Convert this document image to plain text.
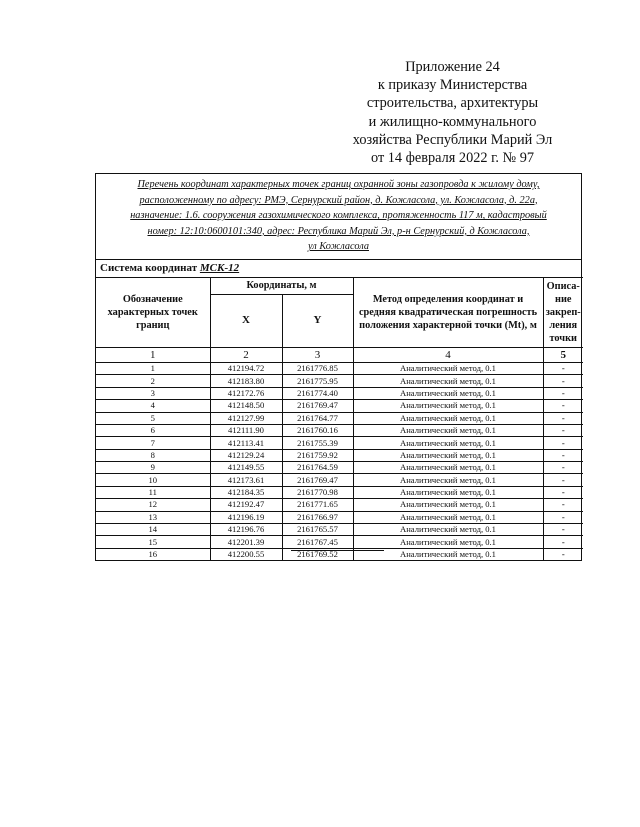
Приложение 24
к приказу Министерства
строительства, архитектуры
и жилищно-коммунального
хозяйства Республики Марий Эл
от 14 февраля 2022 г. № 97
Перечень координат характерных точек границ охранной зоны газопровда к жилому дому,
расположенному по адресу: РМЭ, Сернурский район, д. Кожласола, ул. Кожласола, д. 22а,
назначение: 1.6. сооружения газохимического комплекса, протяженность 117 м, кадастровый
номер: 12:10:0600101:340, адрес: Республика Марий Эл, р-н Сернурский, д Кожласола,
ул Кожласола
Система координат МСК-12
Обозначение характерных точек границ	Координаты, м		Метод определения координат и средняя квадратическая погрешность положения характерной точки (Mt), м	Описа-ние закреп-ления точки
	X	Y		
1	2	3	4	5
1	412194.72	2161776.85	Аналитический метод, 0.1	-
2	412183.80	2161775.95	Аналитический метод, 0.1	-
3	412172.76	2161774.40	Аналитический метод, 0.1	-
4	412148.50	2161769.47	Аналитический метод, 0.1	-
5	412127.99	2161764.77	Аналитический метод, 0.1	-
6	412111.90	2161760.16	Аналитический метод, 0.1	-
7	412113.41	2161755.39	Аналитический метод, 0.1	-
8	412129.24	2161759.92	Аналитический метод, 0.1	-
9	412149.55	2161764.59	Аналитический метод, 0.1	-
10	412173.61	2161769.47	Аналитический метод, 0.1	-
11	412184.35	2161770.98	Аналитический метод, 0.1	-
12	412192.47	2161771.65	Аналитический метод, 0.1	-
13	412196.19	2161766.97	Аналитический метод, 0.1	-
14	412196.76	2161765.57	Аналитический метод, 0.1	-
15	412201.39	2161767.45	Аналитический метод, 0.1	-
16	412200.55	2161769.52	Аналитический метод, 0.1	-
